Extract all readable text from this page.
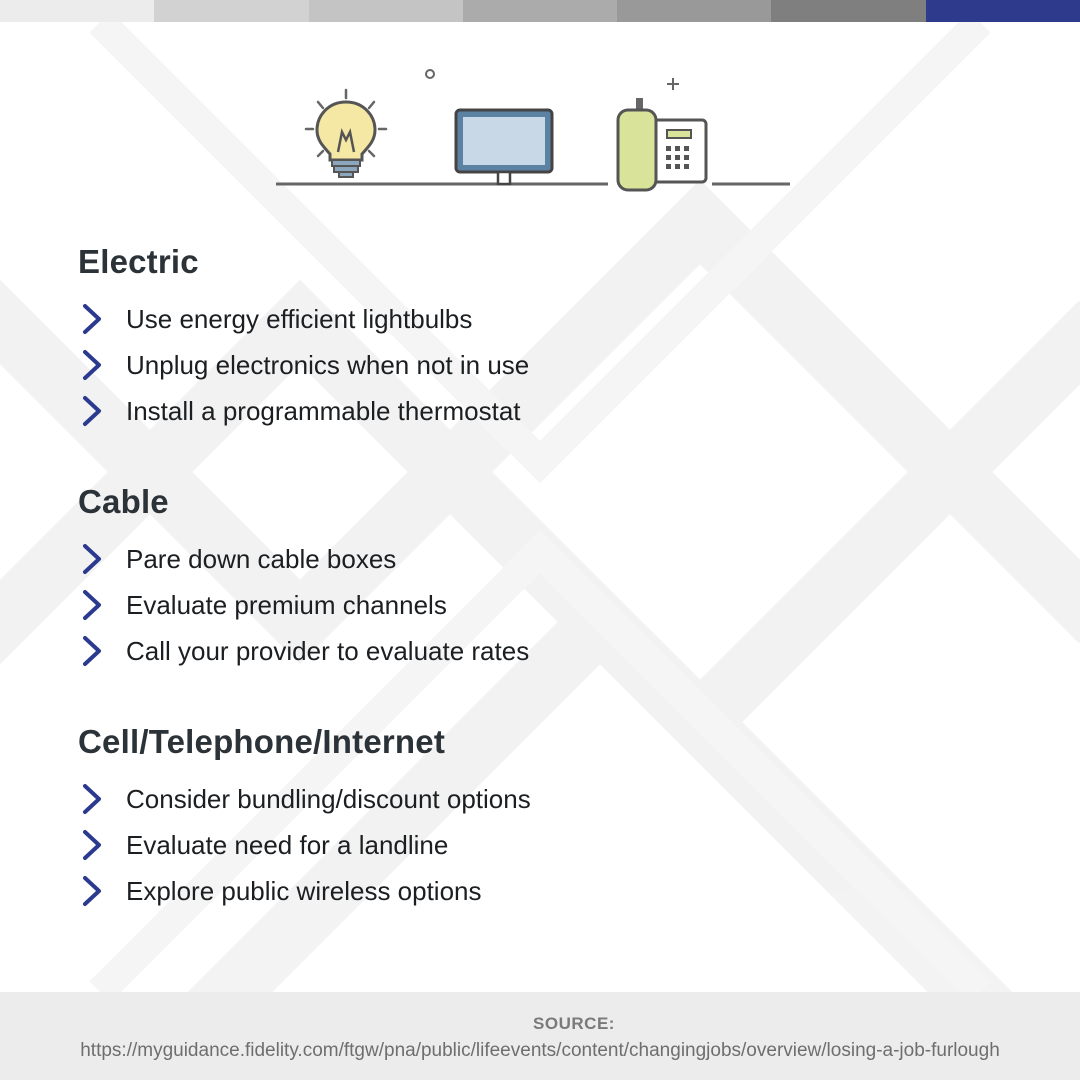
Electric
Use energy efficient lightbulbs
Unplug electronics when not in use
Install a programmable thermostat
Cable
Pare down cable boxes
Evaluate premium channels
Call your provider to evaluate rates
Cell/Telephone/Internet
Consider bundling/discount options
Evaluate need for a landline
Explore public wireless options
SOURCE:
https://myguidance.fidelity.com/ftgw/pna/public/lifeevents/content/changingjobs/overview/losing-a-job-furlough
